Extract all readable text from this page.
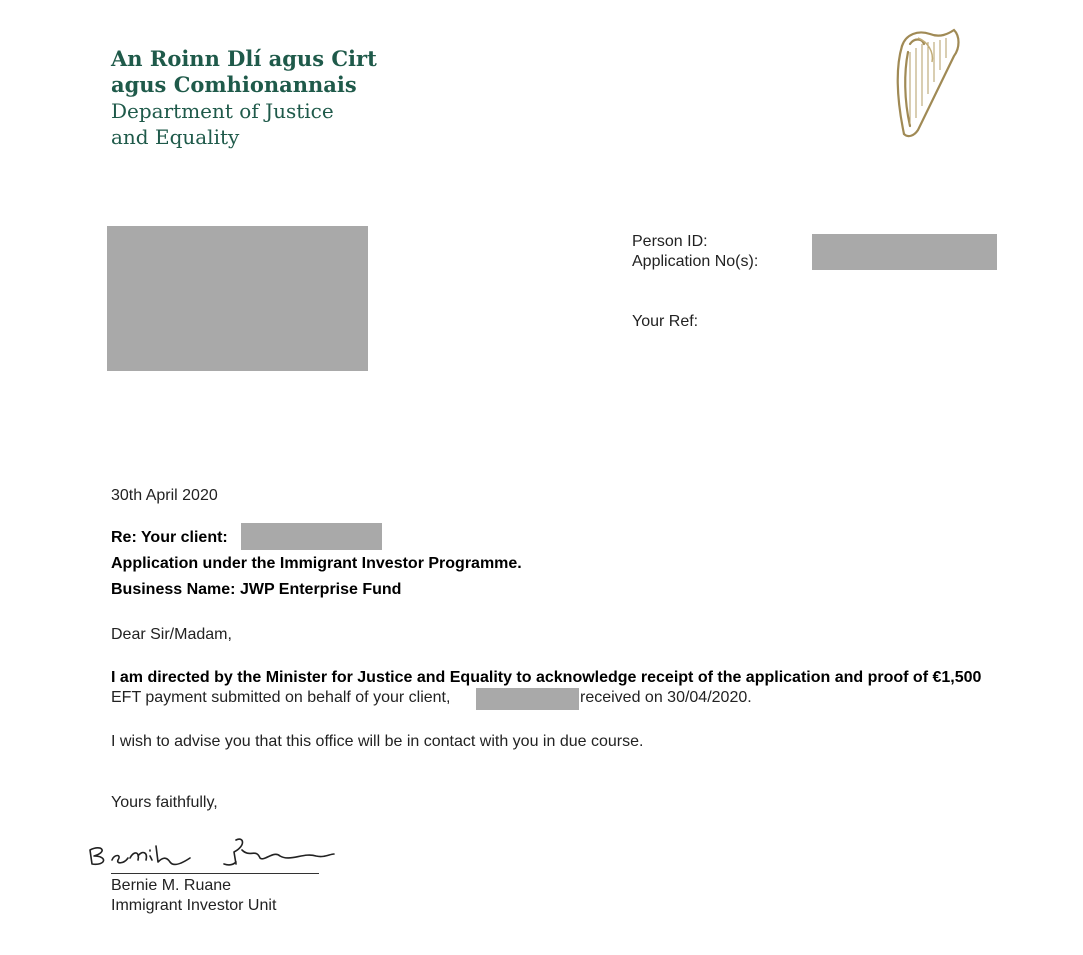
An Roinn Dlí agus Cirt
agus Comhionannais
Department of Justice
and Equality
Person ID:
Application No(s):
Your Ref:
30th April 2020
Re: Your client:
Application under the Immigrant Investor Programme.
Business Name: JWP Enterprise Fund
Dear Sir/Madam,
I am directed by the Minister for Justice and Equality to acknowledge receipt of the application and proof of €1,500
EFT payment submitted on behalf of your client,	received on 30/04/2020.
I wish to advise you that this office will be in contact with you in due course.
Yours faithfully,
Bernie M. Ruane
Immigrant Investor Unit
